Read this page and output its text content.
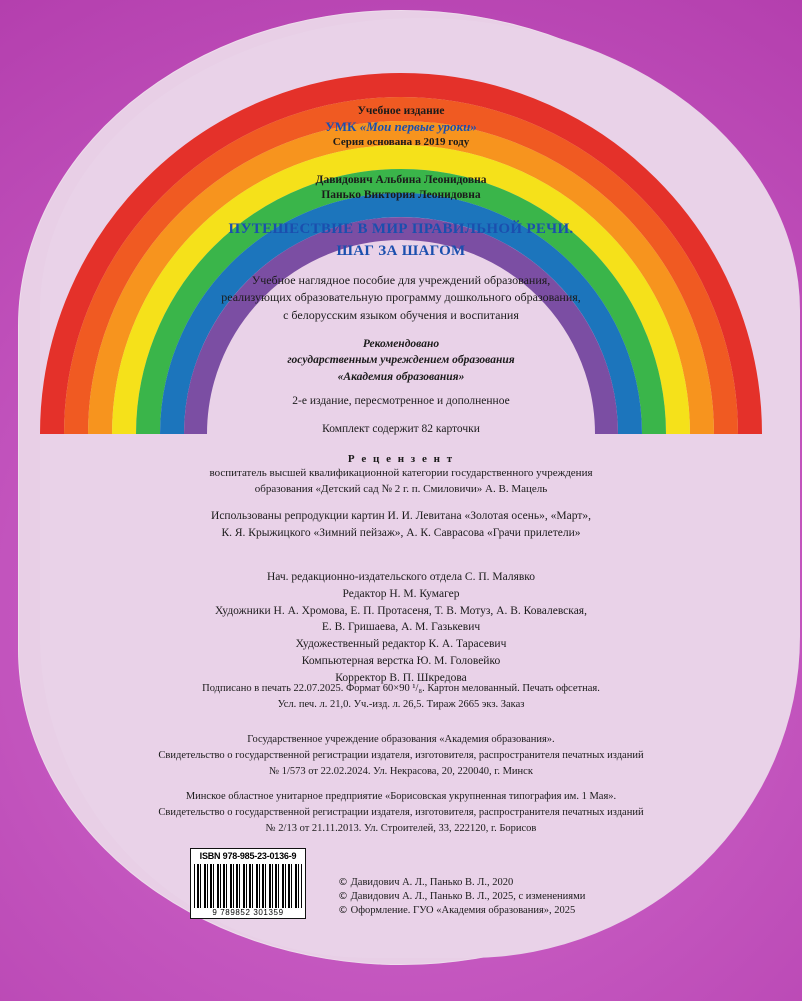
Учебное издание
УМК «Мои первые уроки»
Серия основана в 2019 году
Давидович Альбина Леонидовна
Панько Виктория Леонидовна
ПУТЕШЕСТВИЕ В МИР ПРАВИЛЬНОЙ РЕЧИ.
ШАГ ЗА ШАГОМ
Учебное наглядное пособие для учреждений образования,
реализующих образовательную программу дошкольного образования,
с белорусским языком обучения и воспитания
Рекомендовано
государственным учреждением образования
«Академия образования»
2-е издание, пересмотренное и дополненное
Комплект содержит 82 карточки
Р е ц е н з е н т
воспитатель высшей квалификационной категории государственного учреждения
образования «Детский сад № 2 г. п. Смиловичи» А. В. Мацель
Использованы репродукции картин И. И. Левитана «Золотая осень», «Март»,
К. Я. Крыжицкого «Зимний пейзаж», А. К. Саврасова «Грачи прилетели»
Нач. редакционно-издательского отдела С. П. Малявко
Редактор Н. М. Кумагер
Художники Н. А. Хромова, Е. П. Протасеня, Т. В. Мотуз, А. В. Ковалевская,
Е. В. Гришаева, А. М. Газькевич
Художественный редактор К. А. Тарасевич
Компьютерная верстка Ю. М. Головейко
Корректор В. П. Шкредова
Подписано в печать 22.07.2025. Формат 60×90 ¹/₈. Картон мелованный. Печать офсетная.
Усл. печ. л. 21,0. Уч.-изд. л. 26,5. Тираж 2665 экз. Заказ
Государственное учреждение образования «Академия образования».
Свидетельство о государственной регистрации издателя, изготовителя, распространителя печатных изданий
№ 1/573 от 22.02.2024. Ул. Некрасова, 20, 220040, г. Минск
Минское областное унитарное предприятие «Борисовская укрупненная типография им. 1 Мая».
Свидетельство о государственной регистрации издателя, изготовителя, распространителя печатных изданий
№ 2/13 от 21.11.2013. Ул. Строителей, 33, 222120, г. Борисов
ISBN 978-985-23-0136-9
9 789852 301359
© Давидович А. Л., Панько В. Л., 2020
© Давидович А. Л., Панько В. Л., 2025, с изменениями
© Оформление. ГУО «Академия образования», 2025
